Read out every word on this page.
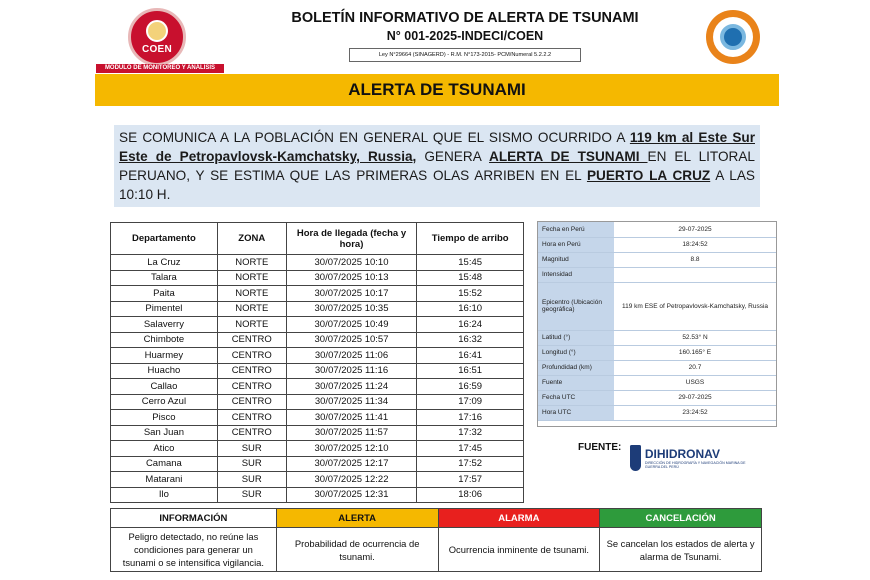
COEN
MÓDULO DE MONITOREO Y ANÁLISIS
BOLETÍN INFORMATIVO DE ALERTA DE TSUNAMI
N° 001-2025-INDECI/COEN
Ley N°29664 (SINAGERD) - R.M. N°173-2015- PCM/Numeral 5.2.2.2
ALERTA DE TSUNAMI
SE COMUNICA A LA POBLACIÓN EN GENERAL QUE EL SISMO OCURRIDO A 119 km al Este Sur Este de Petropavlovsk-Kamchatsky, Russia, GENERA ALERTA DE TSUNAMI EN EL LITORAL PERUANO, Y SE ESTIMA QUE LAS PRIMERAS OLAS ARRIBEN EN EL PUERTO LA CRUZ A LAS 10:10 H.
Departamento	ZONA	Hora de llegada (fecha y hora)	Tiempo de arribo
La Cruz	NORTE	30/07/2025 10:10	15:45
Talara	NORTE	30/07/2025 10:13	15:48
Paita	NORTE	30/07/2025 10:17	15:52
Pimentel	NORTE	30/07/2025 10:35	16:10
Salaverry	NORTE	30/07/2025 10:49	16:24
Chimbote	CENTRO	30/07/2025 10:57	16:32
Huarmey	CENTRO	30/07/2025 11:06	16:41
Huacho	CENTRO	30/07/2025 11:16	16:51
Callao	CENTRO	30/07/2025 11:24	16:59
Cerro Azul	CENTRO	30/07/2025 11:34	17:09
Pisco	CENTRO	30/07/2025 11:41	17:16
San Juan	CENTRO	30/07/2025 11:57	17:32
Atico	SUR	30/07/2025 12:10	17:45
Camana	SUR	30/07/2025 12:17	17:52
Matarani	SUR	30/07/2025 12:22	17:57
Ilo	SUR	30/07/2025 12:31	18:06
Fecha en Perú	29-07-2025
Hora en Perú	18:24:52
Magnitud	8.8
Intensidad	
Epicentro (Ubicación geográfica)	119 km ESE of Petropavlovsk-Kamchatsky, Russia
Latitud (°)	52.53° N
Longitud (°)	160.165° E
Profundidad (km)	20.7
Fuente	USGS
Fecha UTC	29-07-2025
Hora UTC	23:24:52
FUENTE: DIHIDRONAV
DIRECCIÓN DE HIDROGRAFÍA Y NAVEGACIÓN MARINA DE GUERRA DEL PERÚ
INFORMACIÓN	ALERTA	ALARMA	CANCELACIÓN
Peligro detectado, no reúne las condiciones para generar un tsunami o se intensifica vigilancia.	Probabilidad de ocurrencia de tsunami.	Ocurrencia inminente de tsunami.	Se cancelan los estados de alerta y alarma de Tsunami.
